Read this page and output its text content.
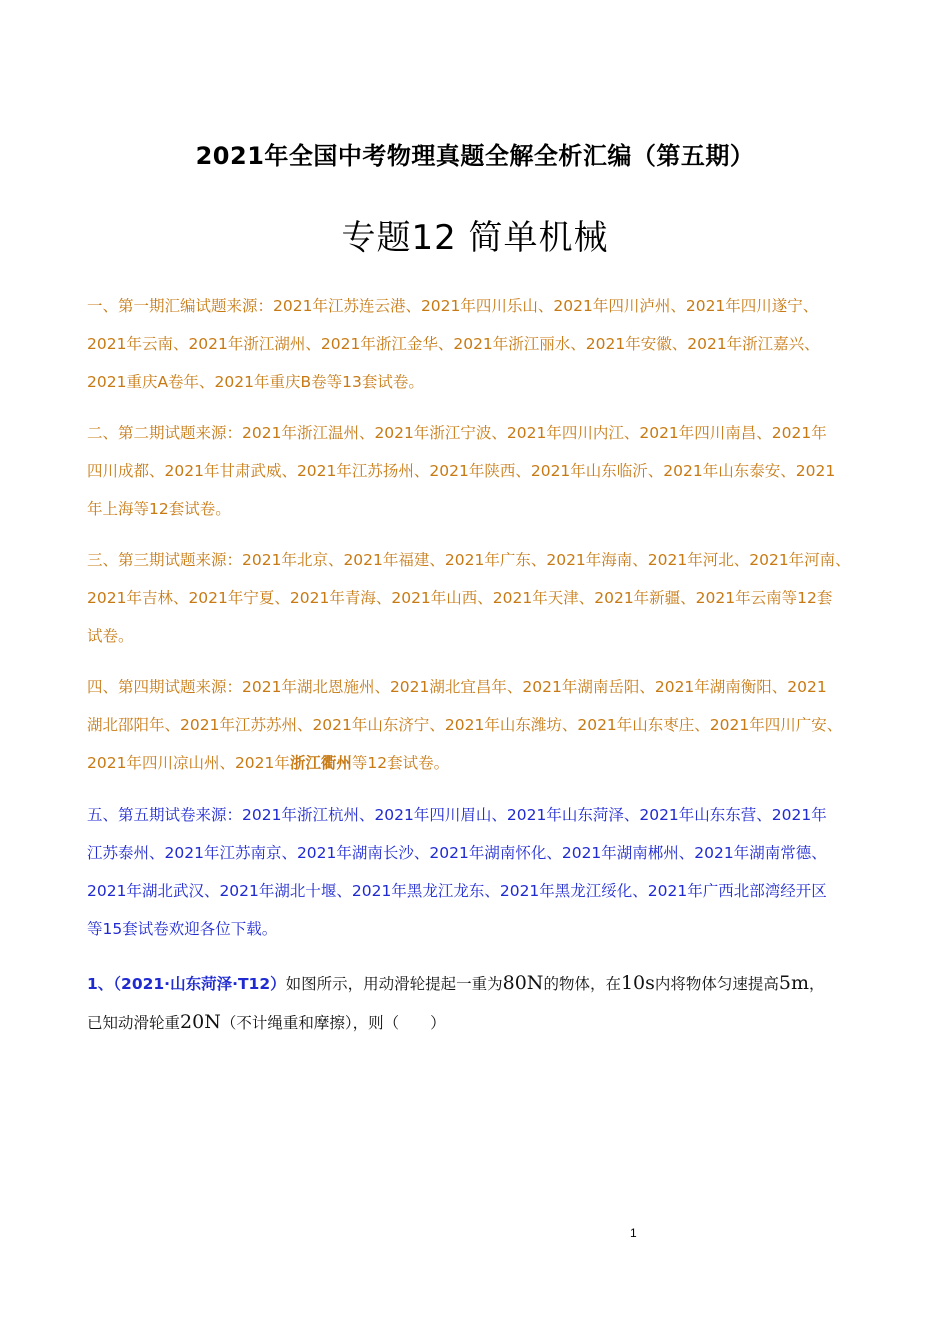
2021年全国中考物理真题全解全析汇编（第五期）
专题12 简单机械
一、第一期汇编试题来源：2021年江苏连云港、2021年四川乐山、2021年四川泸州、2021年四川遂宁、
2021年云南、2021年浙江湖州、2021年浙江金华、2021年浙江丽水、2021年安徽、2021年浙江嘉兴、
2021重庆A卷年、2021年重庆B卷等13套试卷。
二、第二期试题来源：2021年浙江温州、2021年浙江宁波、2021年四川内江、2021年四川南昌、2021年
四川成都、2021年甘肃武威、2021年江苏扬州、2021年陕西、2021年山东临沂、2021年山东泰安、2021
年上海等12套试卷。
三、第三期试题来源：2021年北京、2021年福建、2021年广东、2021年海南、2021年河北、2021年河南、
2021年吉林、2021年宁夏、2021年青海、2021年山西、2021年天津、2021年新疆、2021年云南等12套
试卷。
四、第四期试题来源：2021年湖北恩施州、2021湖北宜昌年、2021年湖南岳阳、2021年湖南衡阳、2021
湖北邵阳年、2021年江苏苏州、2021年山东济宁、2021年山东潍坊、2021年山东枣庄、2021年四川广安、
2021年四川凉山州、2021年浙江衢州等12套试卷。
五、第五期试卷来源：2021年浙江杭州、2021年四川眉山、2021年山东菏泽、2021年山东东营、2021年
江苏泰州、2021年江苏南京、2021年湖南长沙、2021年湖南怀化、2021年湖南郴州、2021年湖南常德、
2021年湖北武汉、2021年湖北十堰、2021年黑龙江龙东、2021年黑龙江绥化、2021年广西北部湾经开区
等15套试卷欢迎各位下载。
1、（2021·山东菏泽·T12）如图所示，用动滑轮提起一重为80N的物体，在10s内将物体匀速提高5m，
已知动滑轮重20N（不计绳重和摩擦），则（　　）
1
